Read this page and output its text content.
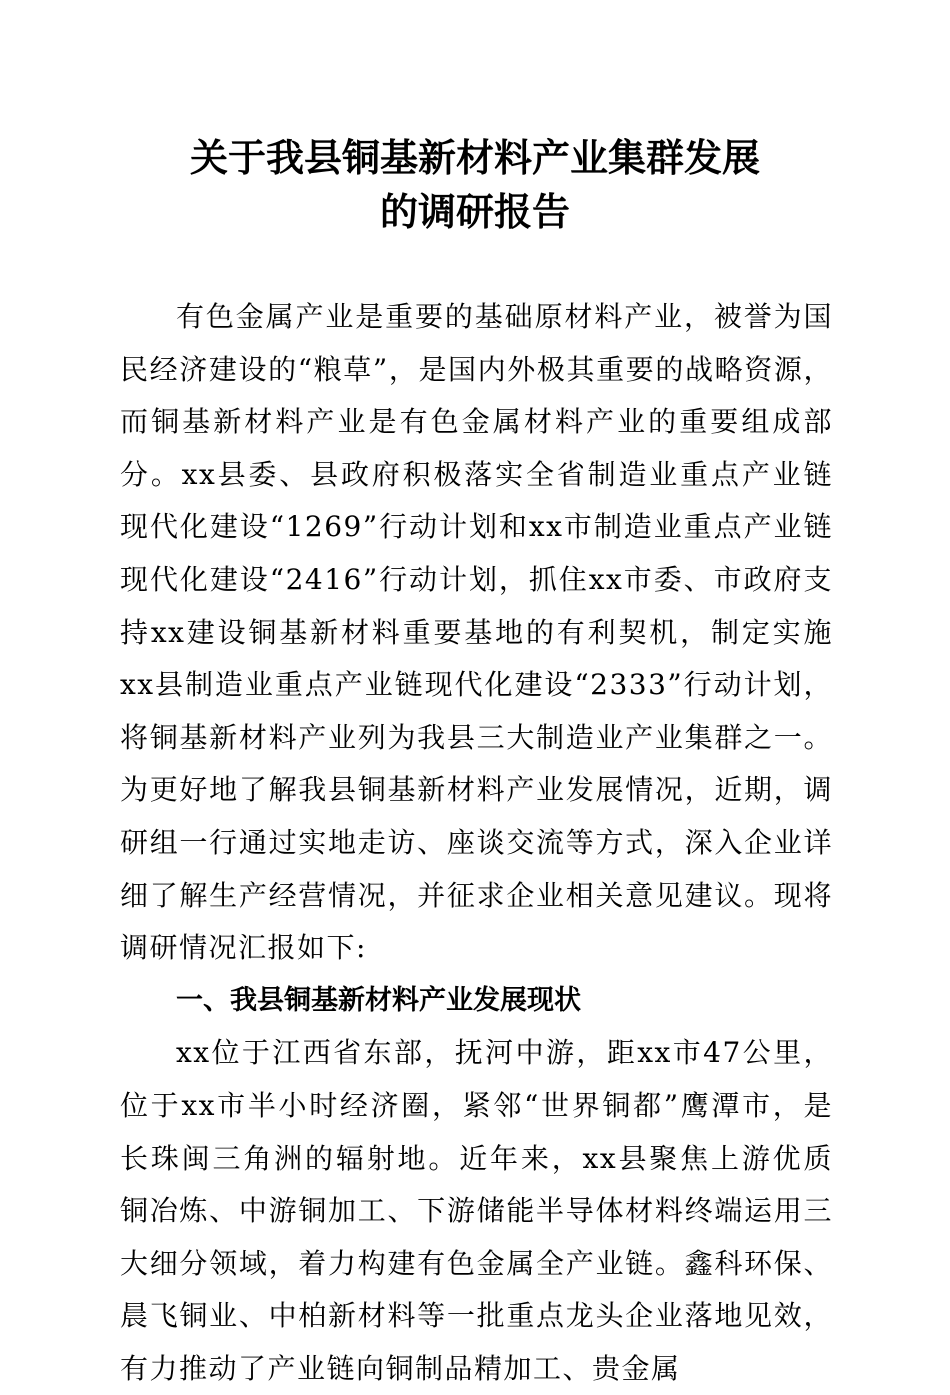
关于我县铜基新材料产业集群发展
的调研报告

有色金属产业是重要的基础原材料产业，被誉为国民经济建设的“粮草”，是国内外极其重要的战略资源，而铜基新材料产业是有色金属材料产业的重要组成部分。xx县委、县政府积极落实全省制造业重点产业链现代化建设“1269”行动计划和xx市制造业重点产业链现代化建设“2416”行动计划，抓住xx市委、市政府支持xx建设铜基新材料重要基地的有利契机，制定实施xx县制造业重点产业链现代化建设“2333”行动计划，将铜基新材料产业列为我县三大制造业产业集群之一。为更好地了解我县铜基新材料产业发展情况，近期，调研组一行通过实地走访、座谈交流等方式，深入企业详细了解生产经营情况，并征求企业相关意见建议。现将调研情况汇报如下:

一、我县铜基新材料产业发展现状

xx位于江西省东部，抚河中游，距xx市47公里，位于xx市半小时经济圈，紧邻“世界铜都”鹰潭市，是长珠闽三角洲的辐射地。近年来，xx县聚焦上游优质铜冶炼、中游铜加工、下游储能半导体材料终端运用三大细分领域，着力构建有色金属全产业链。鑫科环保、晨飞铜业、中柏新材料等一批重点龙头企业落地见效，有力推动了产业链向铜制品精加工、贵金属
